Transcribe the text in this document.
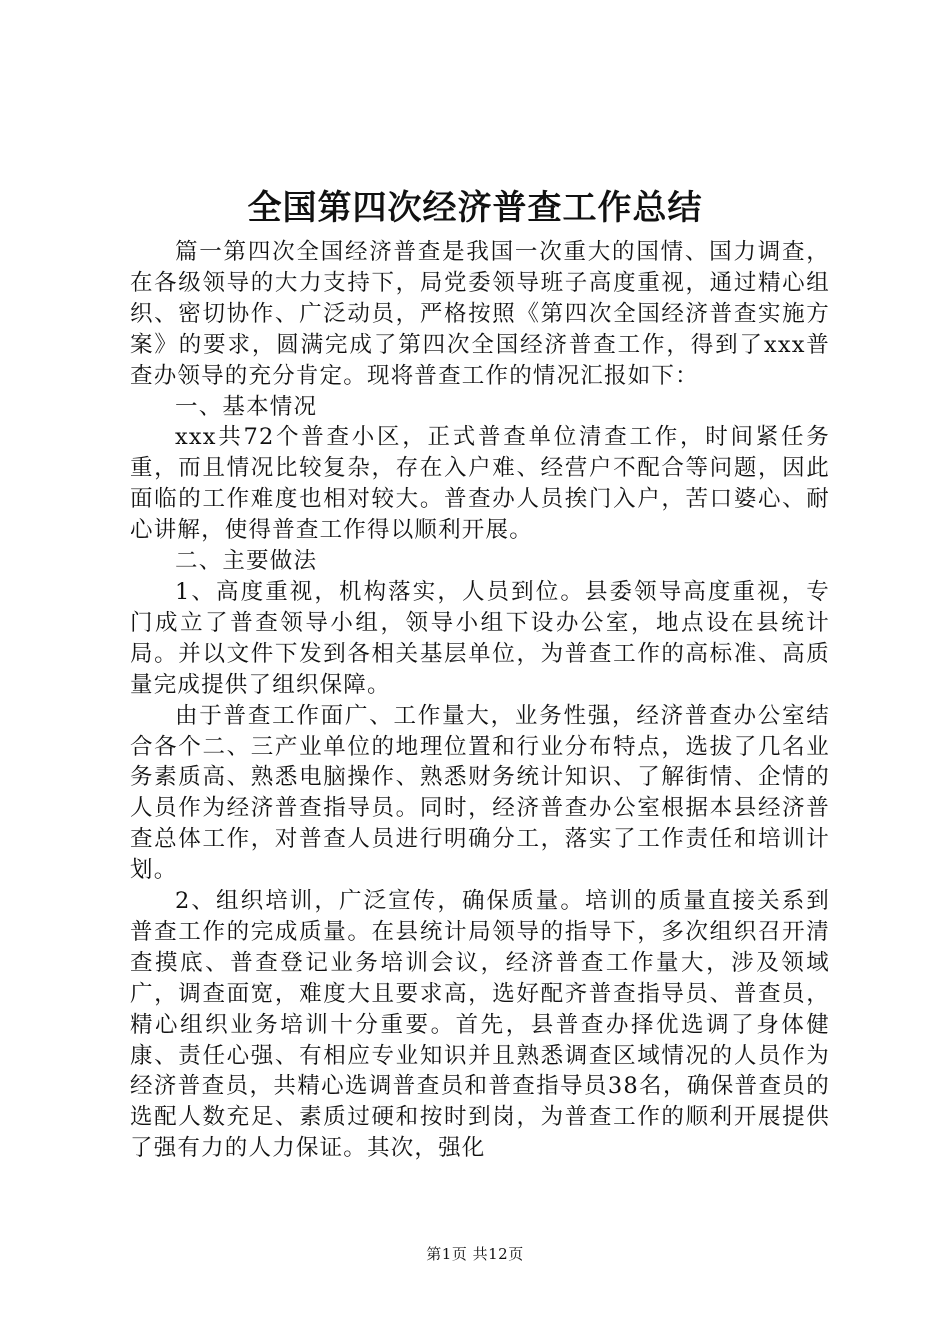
全国第四次经济普查工作总结

篇一第四次全国经济普查是我国一次重大的国情、国力调查，在各级领导的大力支持下，局党委领导班子高度重视，通过精心组织、密切协作、广泛动员，严格按照《第四次全国经济普查实施方案》的要求，圆满完成了第四次全国经济普查工作，得到了xxx普查办领导的充分肯定。现将普查工作的情况汇报如下：

一、基本情况

xxx共72个普查小区，正式普查单位清查工作，时间紧任务重，而且情况比较复杂，存在入户难、经营户不配合等问题，因此面临的工作难度也相对较大。普查办人员挨门入户，苦口婆心、耐心讲解，使得普查工作得以顺利开展。

二、主要做法

1、高度重视，机构落实，人员到位。县委领导高度重视，专门成立了普查领导小组，领导小组下设办公室，地点设在县统计局。并以文件下发到各相关基层单位，为普查工作的高标准、高质量完成提供了组织保障。

由于普查工作面广、工作量大，业务性强，经济普查办公室结合各个二、三产业单位的地理位置和行业分布特点，选拔了几名业务素质高、熟悉电脑操作、熟悉财务统计知识、了解街情、企情的人员作为经济普查指导员。同时，经济普查办公室根据本县经济普查总体工作，对普查人员进行明确分工，落实了工作责任和培训计划。

2、组织培训，广泛宣传，确保质量。培训的质量直接关系到普查工作的完成质量。在县统计局领导的指导下，多次组织召开清查摸底、普查登记业务培训会议，经济普查工作量大，涉及领域广，调查面宽，难度大且要求高，选好配齐普查指导员、普查员，精心组织业务培训十分重要。首先，县普查办择优选调了身体健康、责任心强、有相应专业知识并且熟悉调查区域情况的人员作为经济普查员，共精心选调普查员和普查指导员38名，确保普查员的选配人数充足、素质过硬和按时到岗，为普查工作的顺利开展提供了强有力的人力保证。其次，强化

第1页 共12页
